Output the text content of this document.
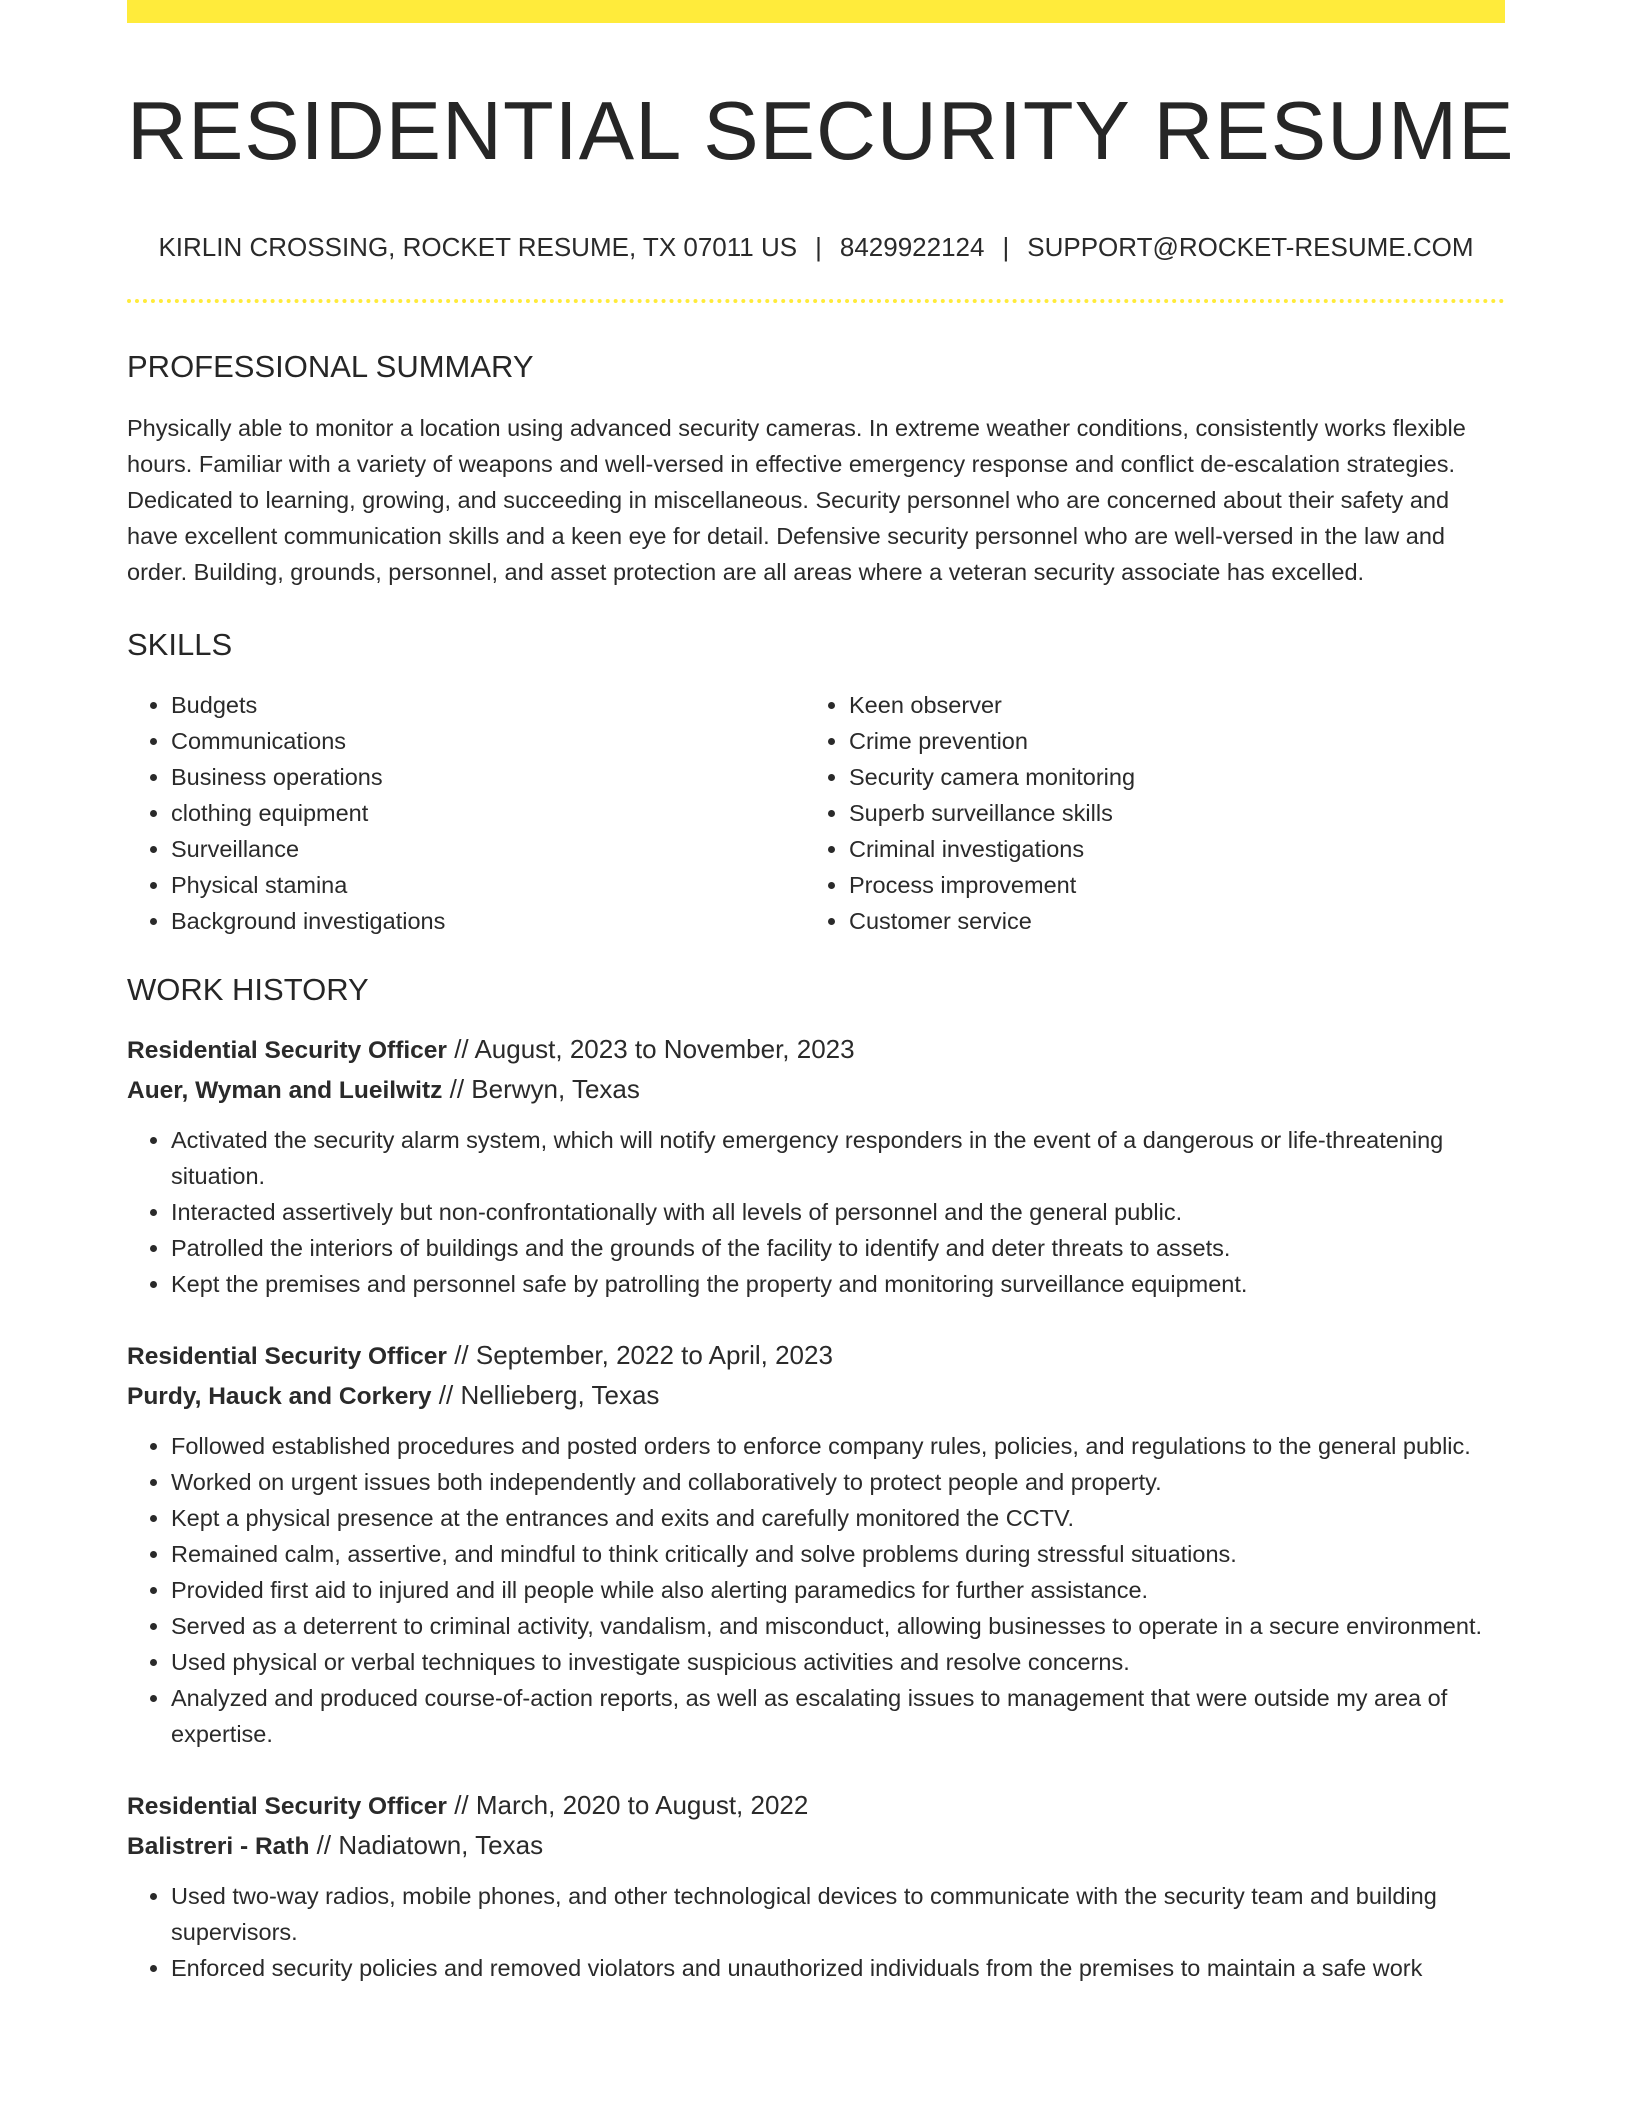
RESIDENTIAL SECURITY RESUME
KIRLIN CROSSING, ROCKET RESUME, TX 07011 US | 8429922124 | SUPPORT@ROCKET-RESUME.COM
PROFESSIONAL SUMMARY

Physically able to monitor a location using advanced security cameras. In extreme weather conditions, consistently works flexible hours. Familiar with a variety of weapons and well-versed in effective emergency response and conflict de-escalation strategies. Dedicated to learning, growing, and succeeding in miscellaneous. Security personnel who are concerned about their safety and have excellent communication skills and a keen eye for detail. Defensive security personnel who are well-versed in the law and order. Building, grounds, personnel, and asset protection are all areas where a veteran security associate has excelled.

SKILLS
• Budgets
• Communications
• Business operations
• clothing equipment
• Surveillance
• Physical stamina
• Background investigations
• Keen observer
• Crime prevention
• Security camera monitoring
• Superb surveillance skills
• Criminal investigations
• Process improvement
• Customer service
WORK HISTORY
Residential Security Officer // August, 2023 to November, 2023
Auer, Wyman and Lueilwitz // Berwyn, Texas
• Activated the security alarm system, which will notify emergency responders in the event of a dangerous or life-threatening situation.
• Interacted assertively but non-confrontationally with all levels of personnel and the general public.
• Patrolled the interiors of buildings and the grounds of the facility to identify and deter threats to assets.
• Kept the premises and personnel safe by patrolling the property and monitoring surveillance equipment.
Residential Security Officer // September, 2022 to April, 2023
Purdy, Hauck and Corkery // Nellieberg, Texas
• Followed established procedures and posted orders to enforce company rules, policies, and regulations to the general public.
• Worked on urgent issues both independently and collaboratively to protect people and property.
• Kept a physical presence at the entrances and exits and carefully monitored the CCTV.
• Remained calm, assertive, and mindful to think critically and solve problems during stressful situations.
• Provided first aid to injured and ill people while also alerting paramedics for further assistance.
• Served as a deterrent to criminal activity, vandalism, and misconduct, allowing businesses to operate in a secure environment.
• Used physical or verbal techniques to investigate suspicious activities and resolve concerns.
• Analyzed and produced course-of-action reports, as well as escalating issues to management that were outside my area of expertise.
Residential Security Officer // March, 2020 to August, 2022
Balistreri - Rath // Nadiatown, Texas
• Used two-way radios, mobile phones, and other technological devices to communicate with the security team and building supervisors.
• Enforced security policies and removed violators and unauthorized individuals from the premises to maintain a safe work
